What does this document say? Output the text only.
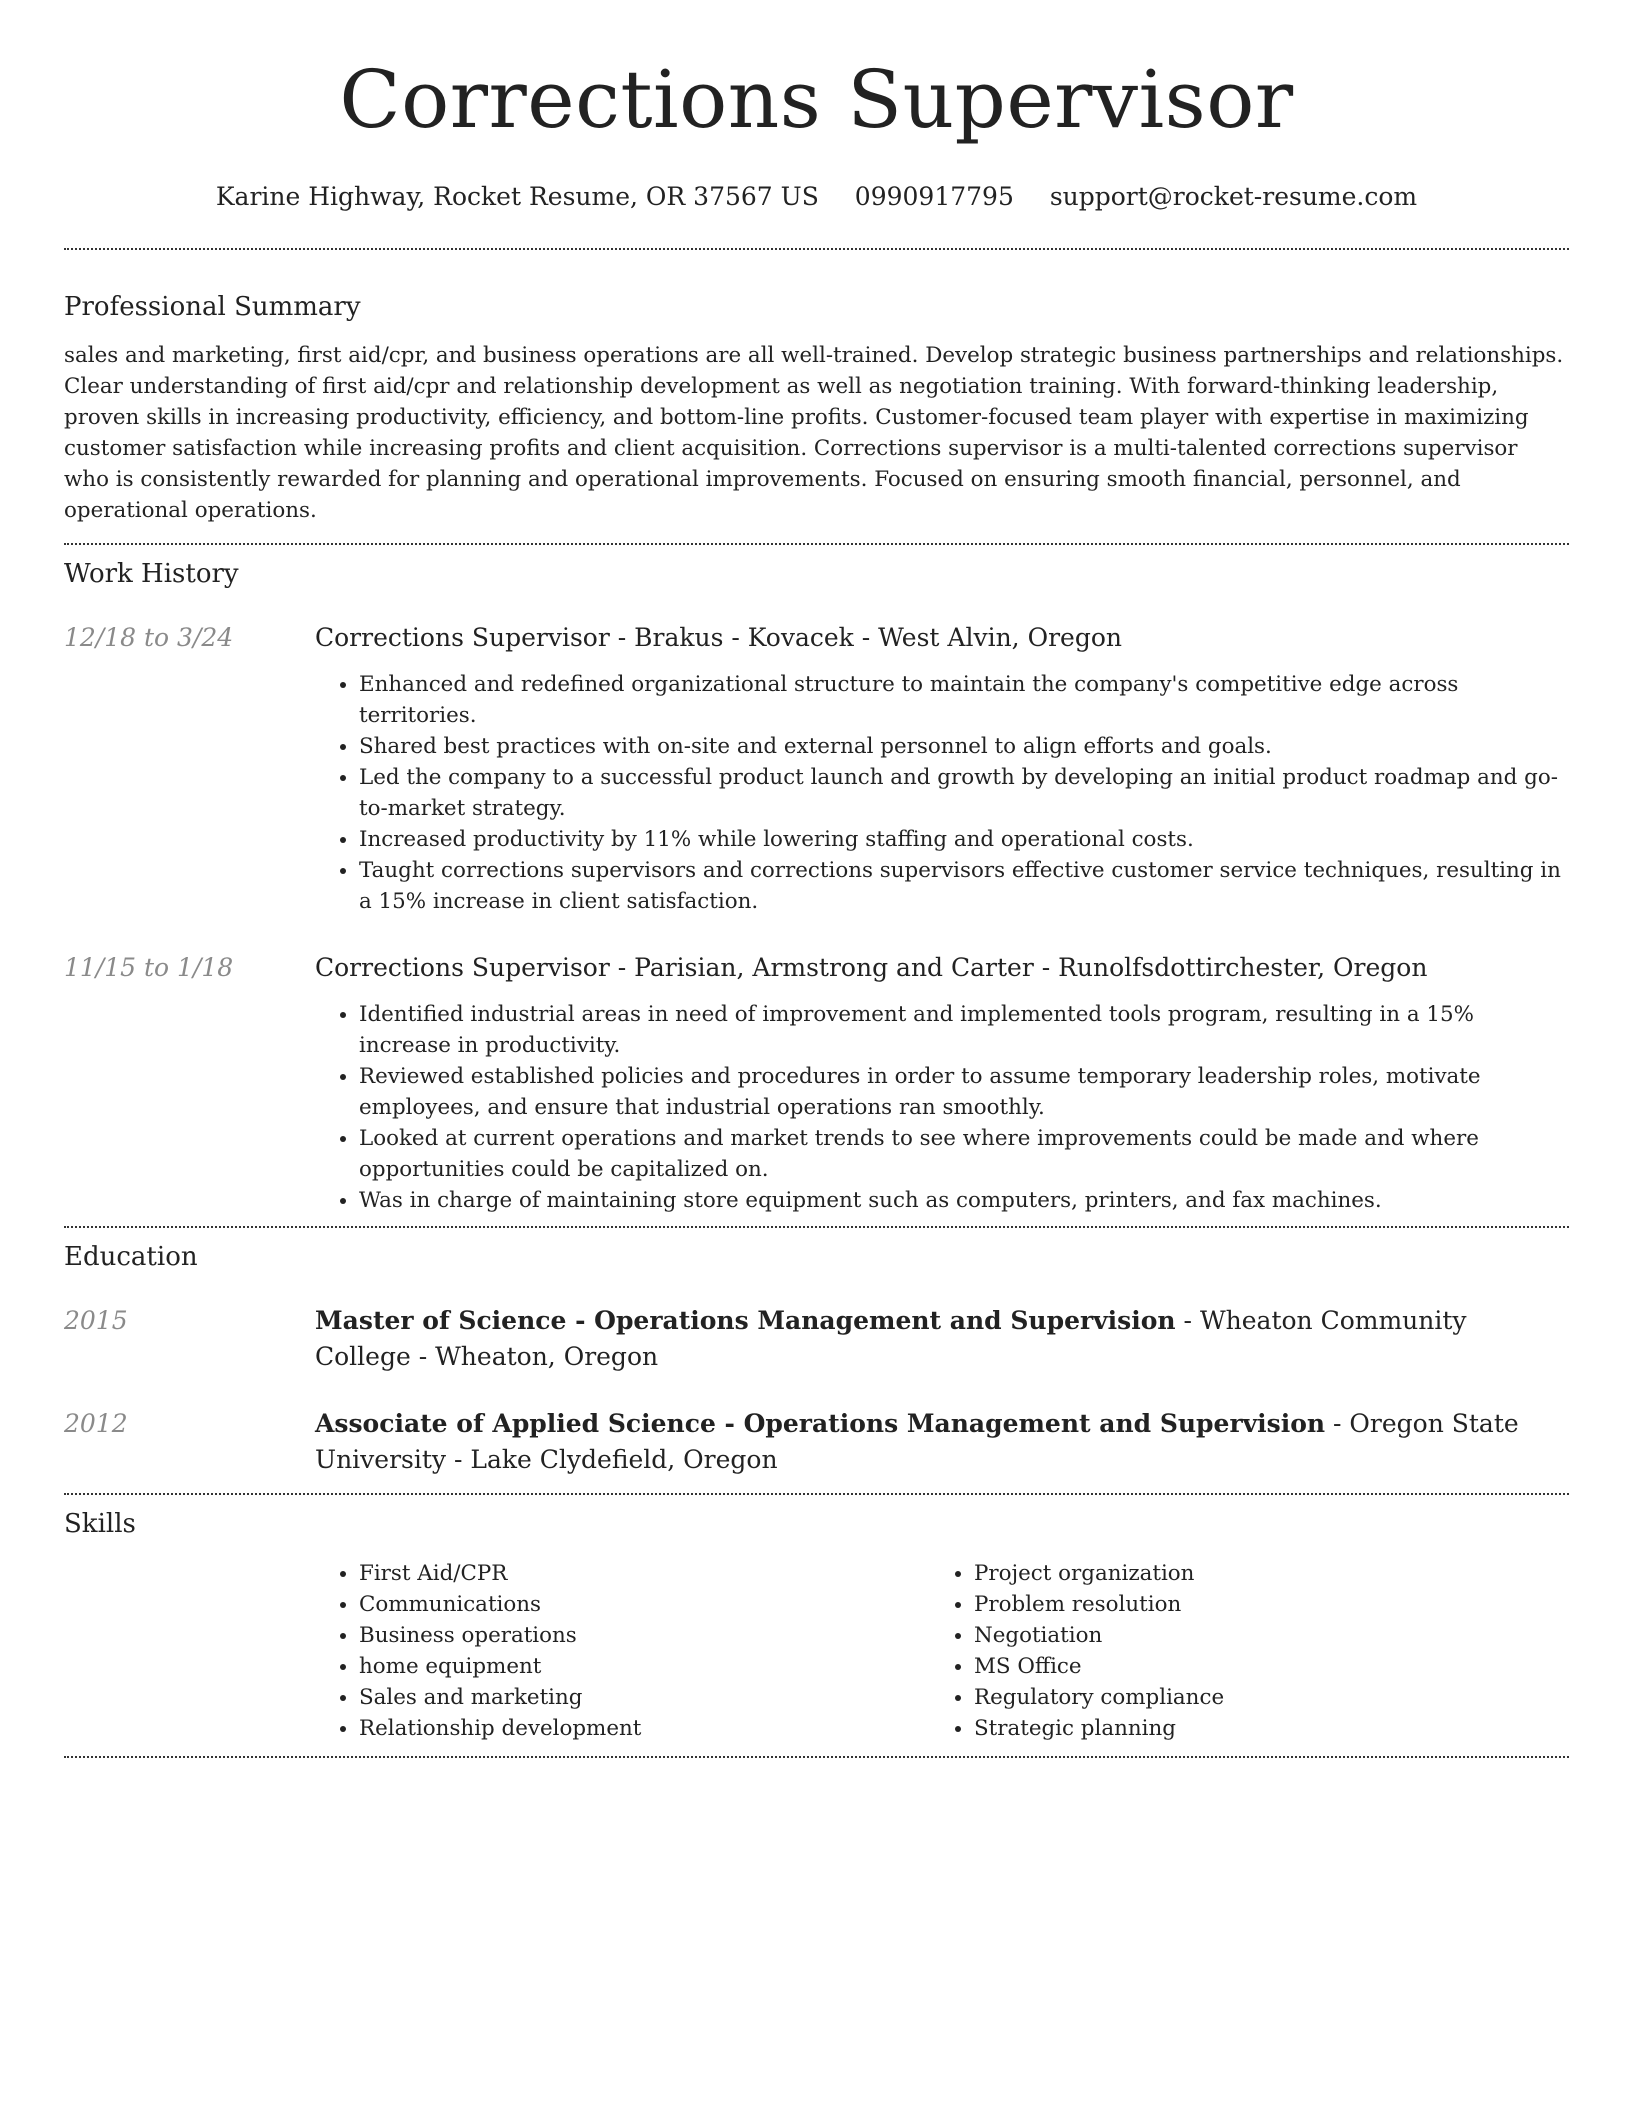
Corrections Supervisor
Karine Highway, Rocket Resume, OR 37567 US 0990917795 support@rocket-resume.com
Professional Summary

sales and marketing, first aid/cpr, and business operations are all well-trained. Develop strategic business partnerships and relationships. Clear understanding of first aid/cpr and relationship development as well as negotiation training. With forward-thinking leadership, proven skills in increasing productivity, efficiency, and bottom-line profits. Customer-focused team player with expertise in maximizing customer satisfaction while increasing profits and client acquisition. Corrections supervisor is a multi-talented corrections supervisor who is consistently rewarded for planning and operational improvements. Focused on ensuring smooth financial, personnel, and operational operations.

Work History
12/18 to 3/24	Corrections Supervisor - Brakus - Kovacek - West Alvin, Oregon

• Enhanced and redefined organizational structure to maintain the company's competitive edge across territories.
• Shared best practices with on-site and external personnel to align efforts and goals.
• Led the company to a successful product launch and growth by developing an initial product roadmap and go-to-market strategy.
• Increased productivity by 11% while lowering staffing and operational costs.
• Taught corrections supervisors and corrections supervisors effective customer service techniques, resulting in a 15% increase in client satisfaction.
11/15 to 1/18	Corrections Supervisor - Parisian, Armstrong and Carter - Runolfsdottirchester, Oregon

• Identified industrial areas in need of improvement and implemented tools program, resulting in a 15% increase in productivity.
• Reviewed established policies and procedures in order to assume temporary leadership roles, motivate employees, and ensure that industrial operations ran smoothly.
• Looked at current operations and market trends to see where improvements could be made and where opportunities could be capitalized on.
• Was in charge of maintaining store equipment such as computers, printers, and fax machines.
Education
2015	Master of Science - Operations Management and Supervision - Wheaton Community College - Wheaton, Oregon

2012	Associate of Applied Science - Operations Management and Supervision - Oregon State University - Lake Clydefield, Oregon

Skills
• First Aid/CPR
• Communications
• Business operations
• home equipment
• Sales and marketing
• Relationship development
• Project organization
• Problem resolution
• Negotiation
• MS Office
• Regulatory compliance
• Strategic planning
